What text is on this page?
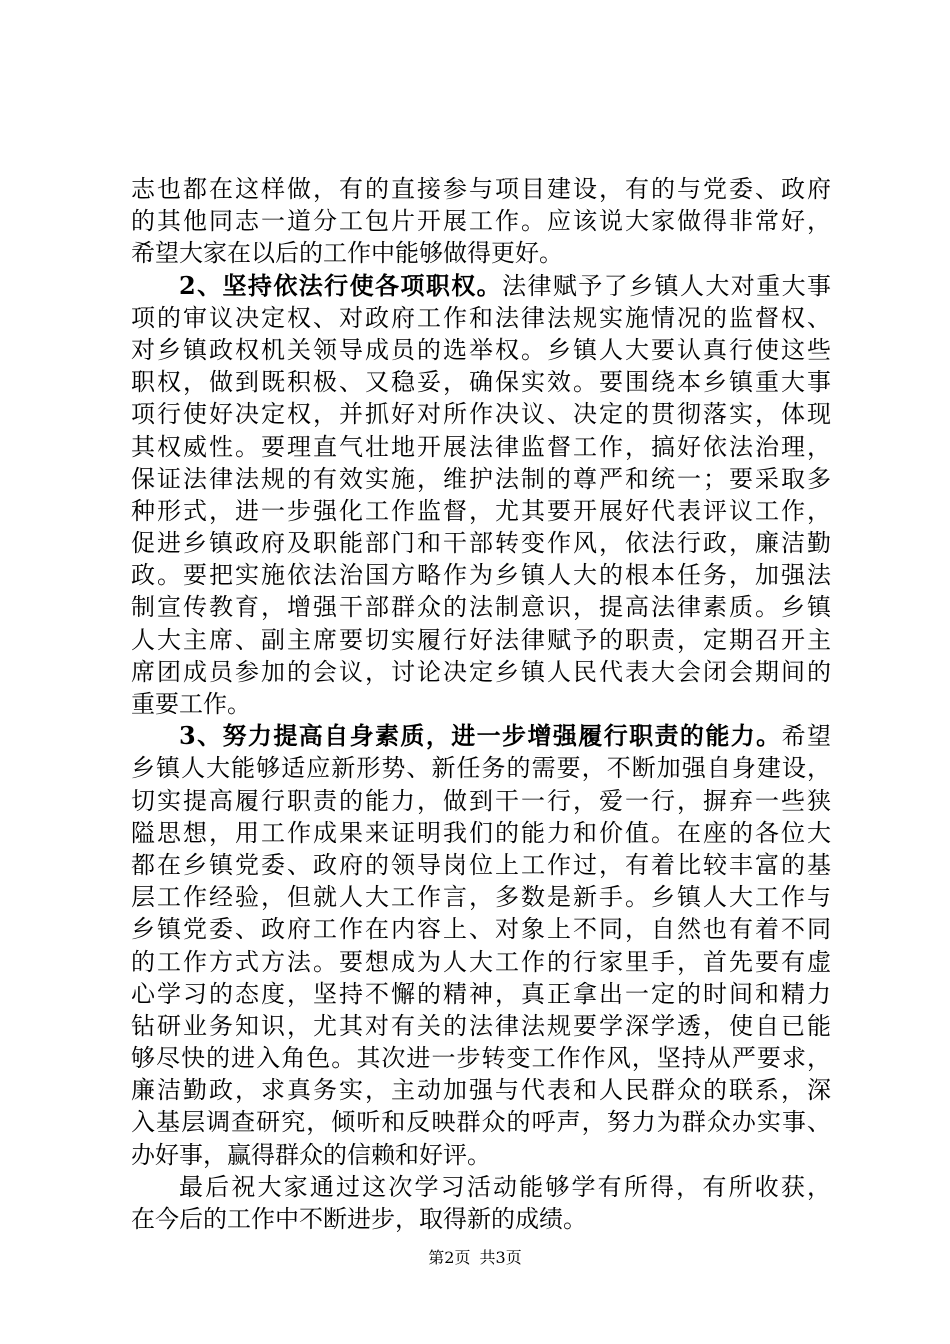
志也都在这样做，有的直接参与项目建设，有的与党委、政府
的其他同志一道分工包片开展工作。应该说大家做得非常好，
希望大家在以后的工作中能够做得更好。
2、坚持依法行使各项职权。法律赋予了乡镇人大对重大事
项的审议决定权、对政府工作和法律法规实施情况的监督权、
对乡镇政权机关领导成员的选举权。乡镇人大要认真行使这些
职权，做到既积极、又稳妥，确保实效。要围绕本乡镇重大事
项行使好决定权，并抓好对所作决议、决定的贯彻落实，体现
其权威性。要理直气壮地开展法律监督工作，搞好依法治理，
保证法律法规的有效实施，维护法制的尊严和统一；要采取多
种形式，进一步强化工作监督，尤其要开展好代表评议工作，
促进乡镇政府及职能部门和干部转变作风，依法行政，廉洁勤
政。要把实施依法治国方略作为乡镇人大的根本任务，加强法
制宣传教育，增强干部群众的法制意识，提高法律素质。乡镇
人大主席、副主席要切实履行好法律赋予的职责，定期召开主
席团成员参加的会议，讨论决定乡镇人民代表大会闭会期间的
重要工作。
3、努力提高自身素质，进一步增强履行职责的能力。希望
乡镇人大能够适应新形势、新任务的需要，不断加强自身建设，
切实提高履行职责的能力，做到干一行，爱一行，摒弃一些狭
隘思想，用工作成果来证明我们的能力和价值。在座的各位大
都在乡镇党委、政府的领导岗位上工作过，有着比较丰富的基
层工作经验，但就人大工作言，多数是新手。乡镇人大工作与
乡镇党委、政府工作在内容上、对象上不同，自然也有着不同
的工作方式方法。要想成为人大工作的行家里手，首先要有虚
心学习的态度，坚持不懈的精神，真正拿出一定的时间和精力
钻研业务知识，尤其对有关的法律法规要学深学透，使自已能
够尽快的进入角色。其次进一步转变工作作风，坚持从严要求，
廉洁勤政，求真务实，主动加强与代表和人民群众的联系，深
入基层调查研究，倾听和反映群众的呼声，努力为群众办实事、
办好事，赢得群众的信赖和好评。
最后祝大家通过这次学习活动能够学有所得，有所收获，
在今后的工作中不断进步，取得新的成绩。
第2页 共3页
